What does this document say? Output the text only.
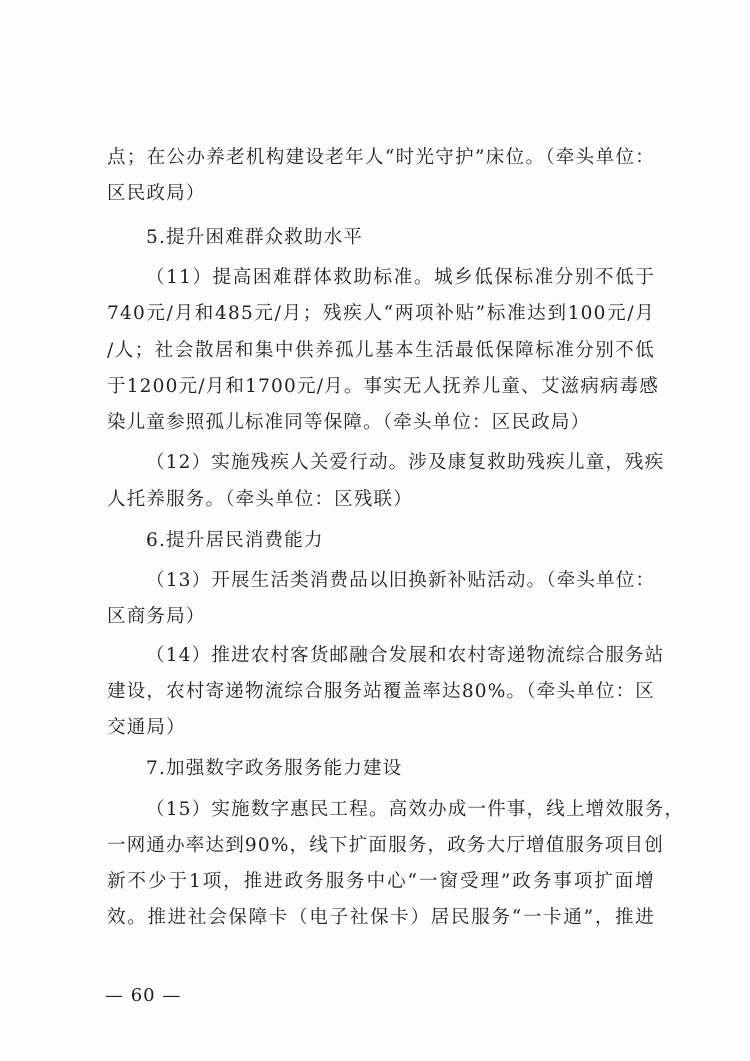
点；在公办养老机构建设老年人“时光守护”床位。（牵头单位：
区民政局）
5.提升困难群众救助水平
（11）提高困难群体救助标准。城乡低保标准分别不低于
740元/月和485元/月；残疾人“两项补贴”标准达到100元/月
/人；社会散居和集中供养孤儿基本生活最低保障标准分别不低
于1200元/月和1700元/月。事实无人抚养儿童、艾滋病病毒感
染儿童参照孤儿标准同等保障。（牵头单位：区民政局）
（12）实施残疾人关爱行动。涉及康复救助残疾儿童，残疾
人托养服务。（牵头单位：区残联）
6.提升居民消费能力
（13）开展生活类消费品以旧换新补贴活动。（牵头单位：
区商务局）
（14）推进农村客货邮融合发展和农村寄递物流综合服务站
建设，农村寄递物流综合服务站覆盖率达80%。（牵头单位：区
交通局）
7.加强数字政务服务能力建设
（15）实施数字惠民工程。高效办成一件事，线上增效服务，
一网通办率达到90%，线下扩面服务，政务大厅增值服务项目创
新不少于1项，推进政务服务中心“一窗受理”政务事项扩面增
效。推进社会保障卡（电子社保卡）居民服务“一卡通”，推进
— 60 —
